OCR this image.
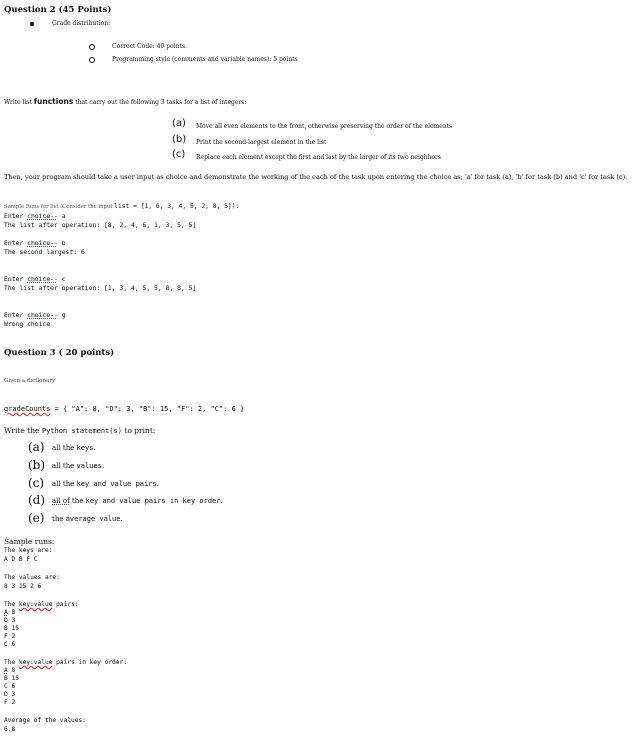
Question 2 (45 Points)
Grade distribution:
Correct Code: 40 points.
Programming style (comments and variable names): 5 points
Write list functions that carry out the following 3 tasks for a list of integers:
(a) Move all even elements to the front, otherwise preserving the order of the elements
(b) Print the second-largest element in the list
(c) Replace each element except the first and last by the larger of its two neighbors
Then, your program should take a user input as choice and demonstrate the working of the each of the task upon entering the choice as; 'a' for task (a), 'b' for task (b) and 'c' for task (c).
Sample Runs for list (Consider the input list = [1, 6, 3, 4, 5, 2, 8, 5]):
Enter choice-- a
The list after operation: [8, 2, 4, 6, 1, 3, 5, 5]
Enter choice-- b
The second largest: 6
Enter choice-- c
The list after operation: [1, 3, 4, 5, 5, 8, 8, 5]
Enter choice-- g
Wrong choice
Question 3 ( 20 points)
Given a dictionary
gradeCounts = { "A": 8, "D": 3, "B": 15, "F": 2, "C": 6 }
Write the Python statement(s) to print:
(a) all the keys.
(b) all the values.
(c) all the key and value pairs.
(d) all of the key and value pairs in key order.
(e) the average value.
Sample runs:
The keys are:
A D B F C

The values are:
8 3 15 2 6

The key:value pairs:
A 8
D 3
B 15
F 2
C 6

The key:value pairs in key order:
A 8
B 15
C 6
D 3
F 2

Average of the values:
6.8
